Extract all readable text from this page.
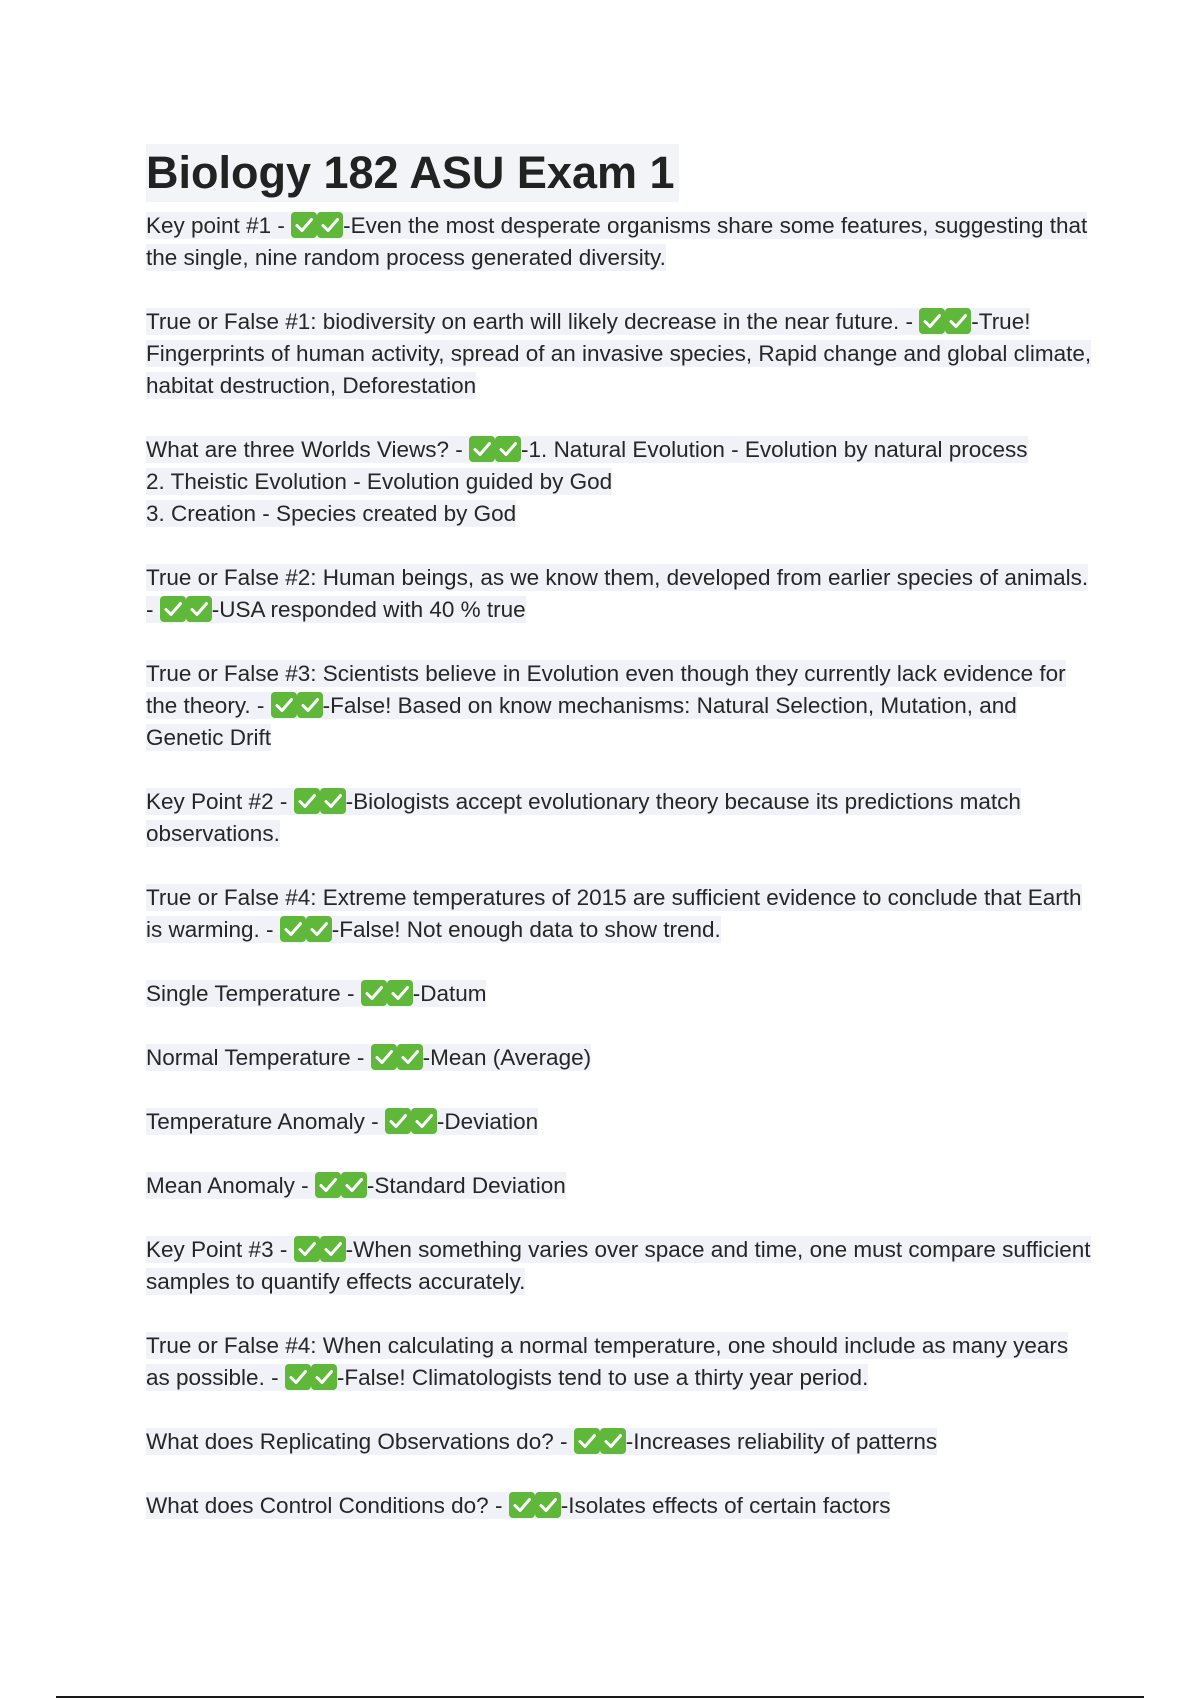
Biology 182 ASU Exam 1
Key point #1 -
-Even the most desperate organisms share some features, suggesting that
the single, nine random process generated diversity.
True or False #1: biodiversity on earth will likely decrease in the near future. -
-True! Fingerprints of human activity, spread of an invasive species, Rapid change and global climate, habitat destruction, Deforestation
What are three Worlds Views? -
-1. Natural Evolution - Evolution by natural process
2. Theistic Evolution - Evolution guided by God
3. Creation - Species created by God
True or False #2: Human beings, as we know them, developed from earlier species of animals. -
-USA responded with 40 % true
True or False #3: Scientists believe in Evolution even though they currently lack evidence for the theory. -
-False! Based on know mechanisms: Natural Selection, Mutation, and Genetic Drift
Key Point #2 -
-Biologists accept evolutionary theory because its predictions match observations.
True or False #4: Extreme temperatures of 2015 are sufficient evidence to conclude that Earth is warming. -
-False! Not enough data to show trend.
Single Temperature -
-Datum
Normal Temperature -
-Mean (Average)
Temperature Anomaly -
-Deviation
Mean Anomaly -
-Standard Deviation
Key Point #3 -
-When something varies over space and time, one must compare sufficient samples to quantify effects accurately.
True or False #4: When calculating a normal temperature, one should include as many years as possible. -
-False! Climatologists tend to use a thirty year period.
What does Replicating Observations do? -
-Increases reliability of patterns
What does Control Conditions do? -
-Isolates effects of certain factors
